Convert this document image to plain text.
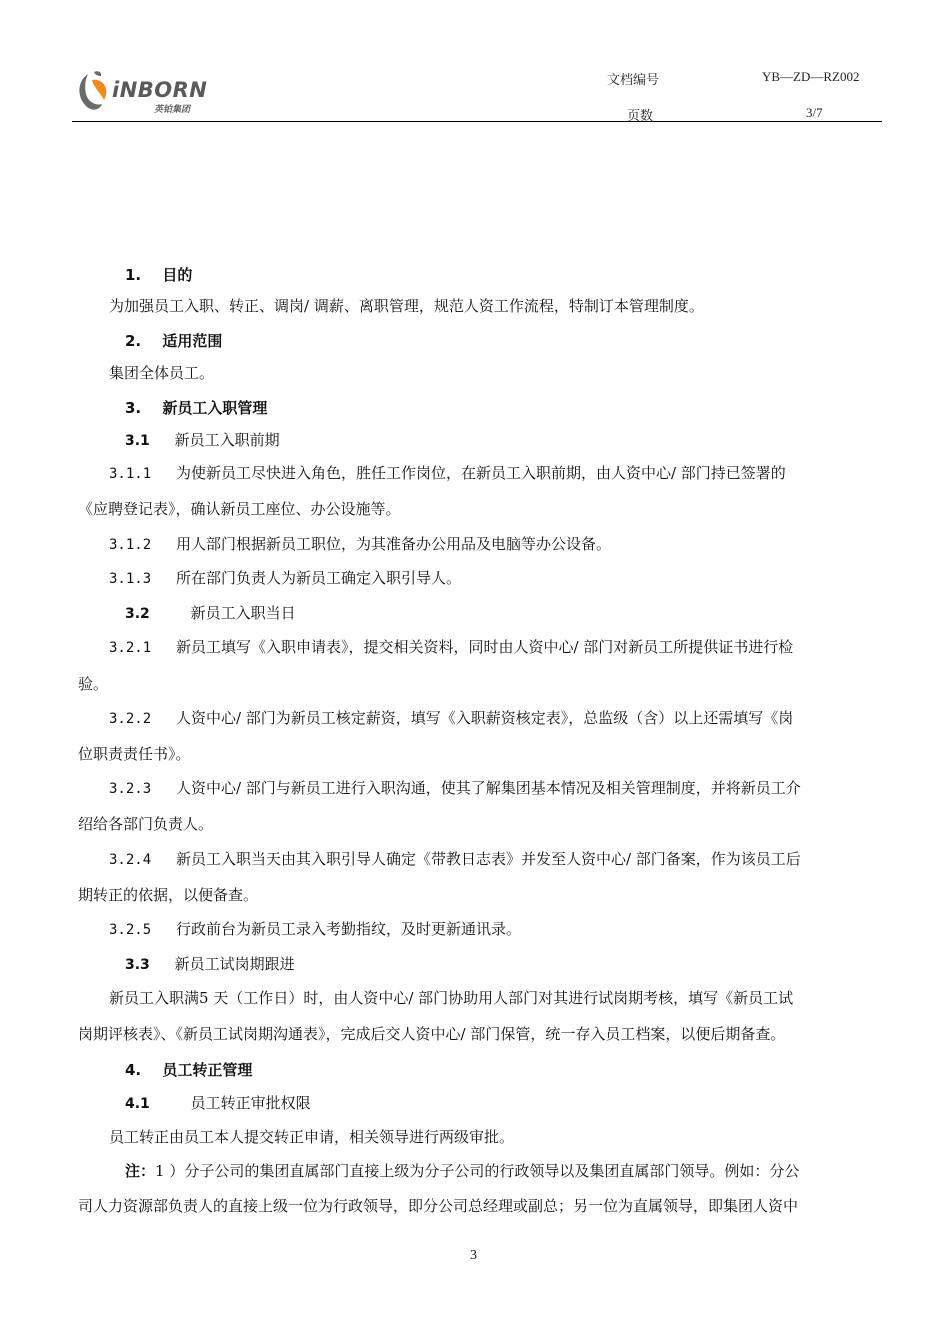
iNBORN
英铂集团
文档编号	YB—ZD—RZ002
页数	3/7
1. 目的
为加强员工入职、转正、调岗/ 调薪、离职管理，规范人资工作流程，特制订本管理制度。
2. 适用范围
集团全体员工。
3. 新员工入职管理
3.1 新员工入职前期
3.1.1 为使新员工尽快进入角色，胜任工作岗位，在新员工入职前期，由人资中心/ 部门持已签署的
《应聘登记表》，确认新员工座位、办公设施等。
3.1.2 用人部门根据新员工职位，为其准备办公用品及电脑等办公设备。
3.1.3 所在部门负责人为新员工确定入职引导人。
3.2	新员工入职当日
3.2.1 新员工填写《入职申请表》，提交相关资料，同时由人资中心/ 部门对新员工所提供证书进行检
验。
3.2.2 人资中心/ 部门为新员工核定薪资，填写《入职薪资核定表》，总监级（含）以上还需填写《岗
位职责责任书》。
3.2.3 人资中心/ 部门与新员工进行入职沟通，使其了解集团基本情况及相关管理制度，并将新员工介
绍给各部门负责人。
3.2.4 新员工入职当天由其入职引导人确定《带教日志表》并发至人资中心/ 部门备案，作为该员工后
期转正的依据，以便备查。
3.2.5 行政前台为新员工录入考勤指纹，及时更新通讯录。
3.3 新员工试岗期跟进
新员工入职满5 天（工作日）时，由人资中心/ 部门协助用人部门对其进行试岗期考核，填写《新员工试
岗期评核表》、《新员工试岗期沟通表》，完成后交人资中心/ 部门保管，统一存入员工档案，以便后期备查。
4. 员工转正管理
4.1	员工转正审批权限
员工转正由员工本人提交转正申请，相关领导进行两级审批。
注：1 ）分子公司的集团直属部门直接上级为分子公司的行政领导以及集团直属部门领导。例如：分公
司人力资源部负责人的直接上级一位为行政领导，即分公司总经理或副总；另一位为直属领导，即集团人资中
3
